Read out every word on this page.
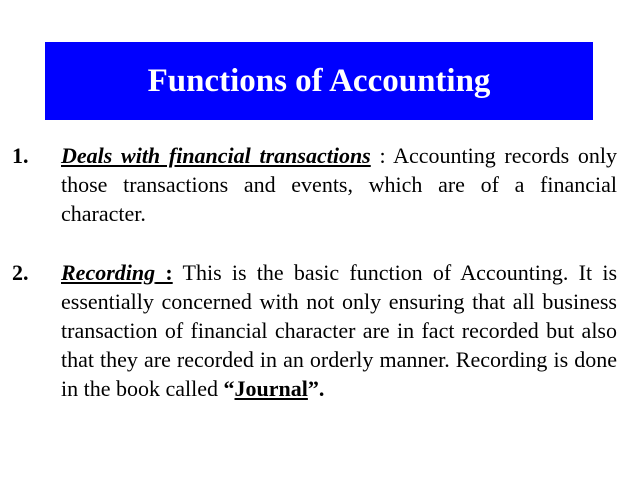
Functions of Accounting
1. Deals with financial transactions : Accounting records only those transactions and events, which are of a financial character.
2. Recording : This is the basic function of Accounting. It is essentially concerned with not only ensuring that all business transaction of financial character are in fact recorded but also that they are recorded in an orderly manner. Recording is done in the book called “Journal”.
